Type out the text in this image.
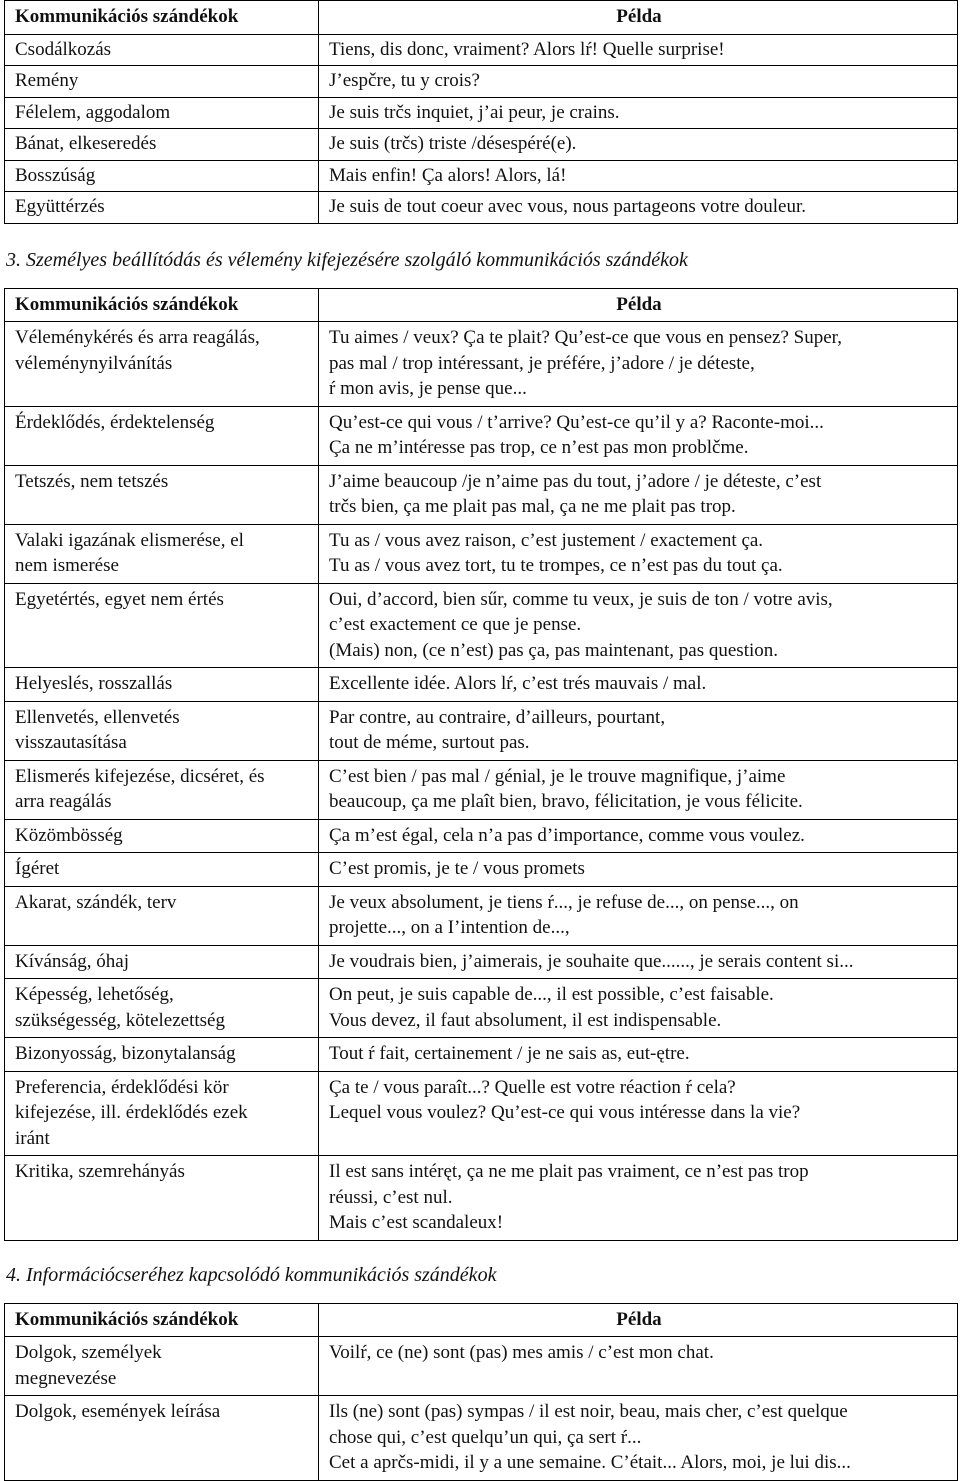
Kommunikációs szándékok	Példa

Csodálkozás	Tiens, dis donc, vraiment? Alors lŕ! Quelle surprise!

Remény	J’espčre, tu y crois?

Félelem, aggodalom	Je suis trčs inquiet, j’ai peur, je crains.

Bánat, elkeseredés	Je suis (trčs) triste /désespéré(e).

Bosszúság	Mais enfin! Ça alors! Alors, lá!

Együttérzés	Je suis de tout coeur avec vous, nous partageons votre douleur.

3. Személyes beállítódás és vélemény kifejezésére szolgáló kommunikációs szándékok

Kommunikációs szándékok	Példa

Véleménykérés és arra reagálás,
véleménynyilvánítás	Tu aimes / veux? Ça te plait? Qu’est-ce que vous en pensez? Super,
pas mal / trop intéressant, je préfére, j’adore / je déteste,
ŕ mon avis, je pense que...

Érdeklődés, érdektelenség	Qu’est-ce qui vous / t’arrive? Qu’est-ce qu’il y a? Raconte-moi...
Ça ne m’intéresse pas trop, ce n’est pas mon problčme.

Tetszés, nem tetszés	J’aime beaucoup /je n’aime pas du tout, j’adore / je déteste, c’est
trčs bien, ça me plait pas mal, ça ne me plait pas trop.

Valaki igazának elismerése, el
nem ismerése	Tu as / vous avez raison, c’est justement / exactement ça.
Tu as / vous avez tort, tu te trompes, ce n’est pas du tout ça.

Egyetértés, egyet nem értés	Oui, d’accord, bien sűr, comme tu veux, je suis de ton / votre avis,
c’est exactement ce que je pense.
(Mais) non, (ce n’est) pas ça, pas maintenant, pas question.

Helyeslés, rosszallás	Excellente idée. Alors lŕ, c’est trés mauvais / mal.

Ellenvetés, ellenvetés
visszautasítása	Par contre, au contraire, d’ailleurs, pourtant,
tout de méme, surtout pas.

Elismerés kifejezése, dicséret, és
arra reagálás	C’est bien / pas mal / génial, je le trouve magnifique, j’aime
beaucoup, ça me plaît bien, bravo, félicitation, je vous félicite.

Közömbösség	Ça m’est égal, cela n’a pas d’importance, comme vous voulez.

Ígéret	C’est promis, je te / vous promets

Akarat, szándék, terv	Je veux absolument, je tiens ŕ..., je refuse de..., on pense..., on
projette..., on a I’intention de...,

Kívánság, óhaj	Je voudrais bien, j’aimerais, je souhaite que......, je serais content si...

Képesség, lehetőség,
szükségesség, kötelezettség	On peut, je suis capable de..., il est possible, c’est faisable.
Vous devez, il faut absolument, il est indispensable.

Bizonyosság, bizonytalanság	Tout ŕ fait, certainement / je ne sais as, eut-ętre.

Preferencia, érdeklődési kör
kifejezése, ill. érdeklődés ezek
iránt	Ça te / vous paraît...? Quelle est votre réaction ŕ cela?
Lequel vous voulez? Qu’est-ce qui vous intéresse dans la vie?

Kritika, szemrehányás	Il est sans intéręt, ça ne me plait pas vraiment, ce n’est pas trop
réussi, c’est nul.
Mais c’est scandaleux!

4. Információcseréhez kapcsolódó kommunikációs szándékok

Kommunikációs szándékok	Példa

Dolgok, személyek
megnevezése	Voilŕ, ce (ne) sont (pas) mes amis / c’est mon chat.

Dolgok, események leírása	Ils (ne) sont (pas) sympas / il est noir, beau, mais cher, c’est quelque
chose qui, c’est quelqu’un qui, ça sert ŕ...
Cet a aprčs-midi, il y a une semaine. C’était... Alors, moi, je lui dis...
